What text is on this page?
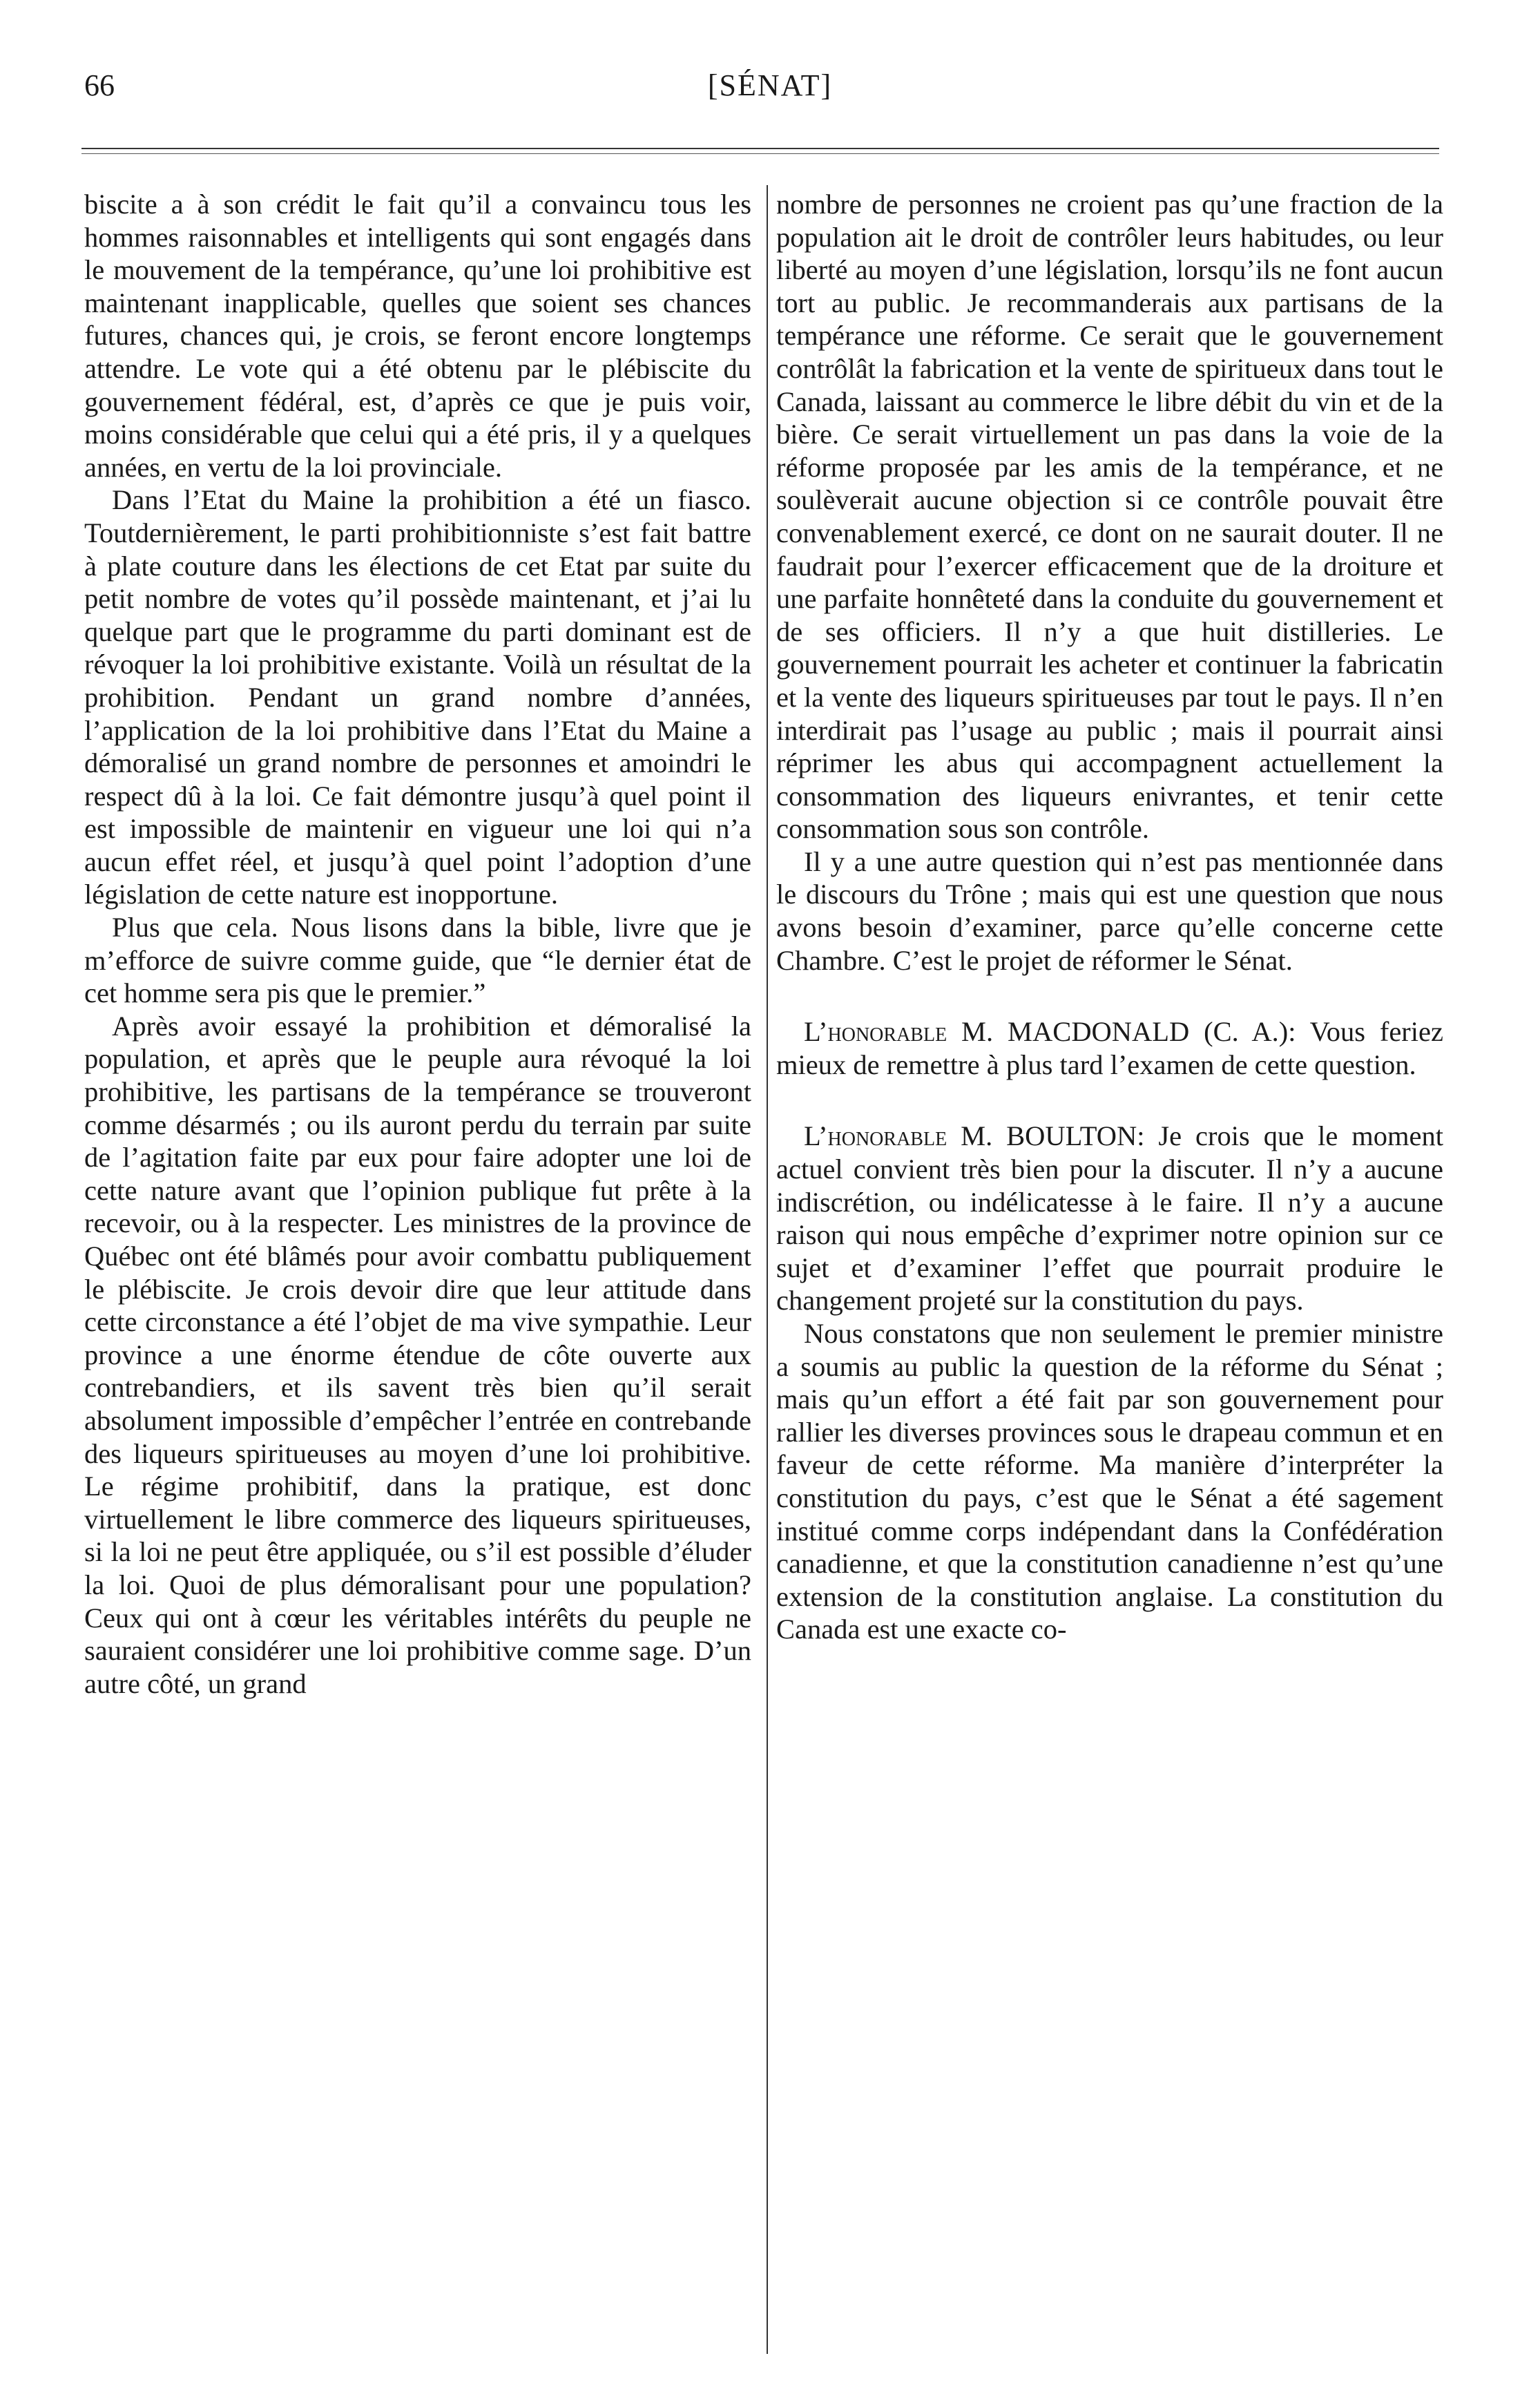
66	[SÉNAT]

biscite a à son crédit le fait qu’il a convaincu tous les hommes raisonnables et intelligents qui sont engagés dans le mouvement de la tempérance, qu’une loi prohibitive est maintenant inapplicable, quelles que soient ses chances futures, chances qui, je crois, se feront encore longtemps attendre. Le vote qui a été obtenu par le plébiscite du gouvernement fédéral, est, d’après ce que je puis voir, moins considérable que celui qui a été pris, il y a quelques années, en vertu de la loi provinciale.

Dans l’Etat du Maine la prohibition a été un fiasco. Toutdernièrement, le parti prohibitionniste s’est fait battre à plate couture dans les élections de cet Etat par suite du petit nombre de votes qu’il possède maintenant, et j’ai lu quelque part que le programme du parti dominant est de révoquer la loi prohibitive existante. Voilà un résultat de la prohibition. Pendant un grand nombre d’années, l’application de la loi prohibitive dans l’Etat du Maine a démoralisé un grand nombre de personnes et amoindri le respect dû à la loi. Ce fait démontre jusqu’à quel point il est impossible de maintenir en vigueur une loi qui n’a aucun effet réel, et jusqu’à quel point l’adoption d’une législation de cette nature est inopportune.

Plus que cela. Nous lisons dans la bible, livre que je m’efforce de suivre comme guide, que “le dernier état de cet homme sera pis que le premier.”

Après avoir essayé la prohibition et démoralisé la population, et après que le peuple aura révoqué la loi prohibitive, les partisans de la tempérance se trouveront comme désarmés ; ou ils auront perdu du terrain par suite de l’agitation faite par eux pour faire adopter une loi de cette nature avant que l’opinion publique fut prête à la recevoir, ou à la respecter. Les ministres de la province de Québec ont été blâmés pour avoir combattu publiquement le plébiscite. Je crois devoir dire que leur attitude dans cette circonstance a été l’objet de ma vive sympathie. Leur province a une énorme étendue de côte ouverte aux contrebandiers, et ils savent très bien qu’il serait absolument impossible d’empêcher l’entrée en contrebande des liqueurs spiritueuses au moyen d’une loi prohibitive. Le régime prohibitif, dans la pratique, est donc virtuellement le libre commerce des liqueurs spiritueuses, si la loi ne peut être appliquée, ou s’il est possible d’éluder la loi. Quoi de plus démoralisant pour une population? Ceux qui ont à cœur les véritables intérêts du peuple ne sauraient considérer une loi prohibitive comme sage. D’un autre côté, un grand

nombre de personnes ne croient pas qu’une fraction de la population ait le droit de contrôler leurs habitudes, ou leur liberté au moyen d’une législation, lorsqu’ils ne font aucun tort au public. Je recommanderais aux partisans de la tempérance une réforme. Ce serait que le gouvernement contrôlât la fabrication et la vente de spiritueux dans tout le Canada, laissant au commerce le libre débit du vin et de la bière. Ce serait virtuellement un pas dans la voie de la réforme proposée par les amis de la tempérance, et ne soulèverait aucune objection si ce contrôle pouvait être convenablement exercé, ce dont on ne saurait douter. Il ne faudrait pour l’exercer efficacement que de la droiture et une parfaite honnêteté dans la conduite du gouvernement et de ses officiers. Il n’y a que huit distilleries. Le gouvernement pourrait les acheter et continuer la fabricatin et la vente des liqueurs spiritueuses par tout le pays. Il n’en interdirait pas l’usage au public ; mais il pourrait ainsi réprimer les abus qui accompagnent actuellement la consommation des liqueurs enivrantes, et tenir cette consommation sous son contrôle.

Il y a une autre question qui n’est pas mentionnée dans le discours du Trône ; mais qui est une question que nous avons besoin d’examiner, parce qu’elle concerne cette Chambre. C’est le projet de réformer le Sénat.

L’honorable M. MACDONALD (C. A.): Vous feriez mieux de remettre à plus tard l’examen de cette question.

L’honorable M. BOULTON: Je crois que le moment actuel convient très bien pour la discuter. Il n’y a aucune indiscrétion, ou indélicatesse à le faire. Il n’y a aucune raison qui nous empêche d’exprimer notre opinion sur ce sujet et d’examiner l’effet que pourrait produire le changement projeté sur la constitution du pays.

Nous constatons que non seulement le premier ministre a soumis au public la question de la réforme du Sénat ; mais qu’un effort a été fait par son gouvernement pour rallier les diverses provinces sous le drapeau commun et en faveur de cette réforme. Ma manière d’interpréter la constitution du pays, c’est que le Sénat a été sagement institué comme corps indépendant dans la Confédération canadienne, et que la constitution canadienne n’est qu’une extension de la constitution anglaise. La constitution du Canada est une exacte co-
